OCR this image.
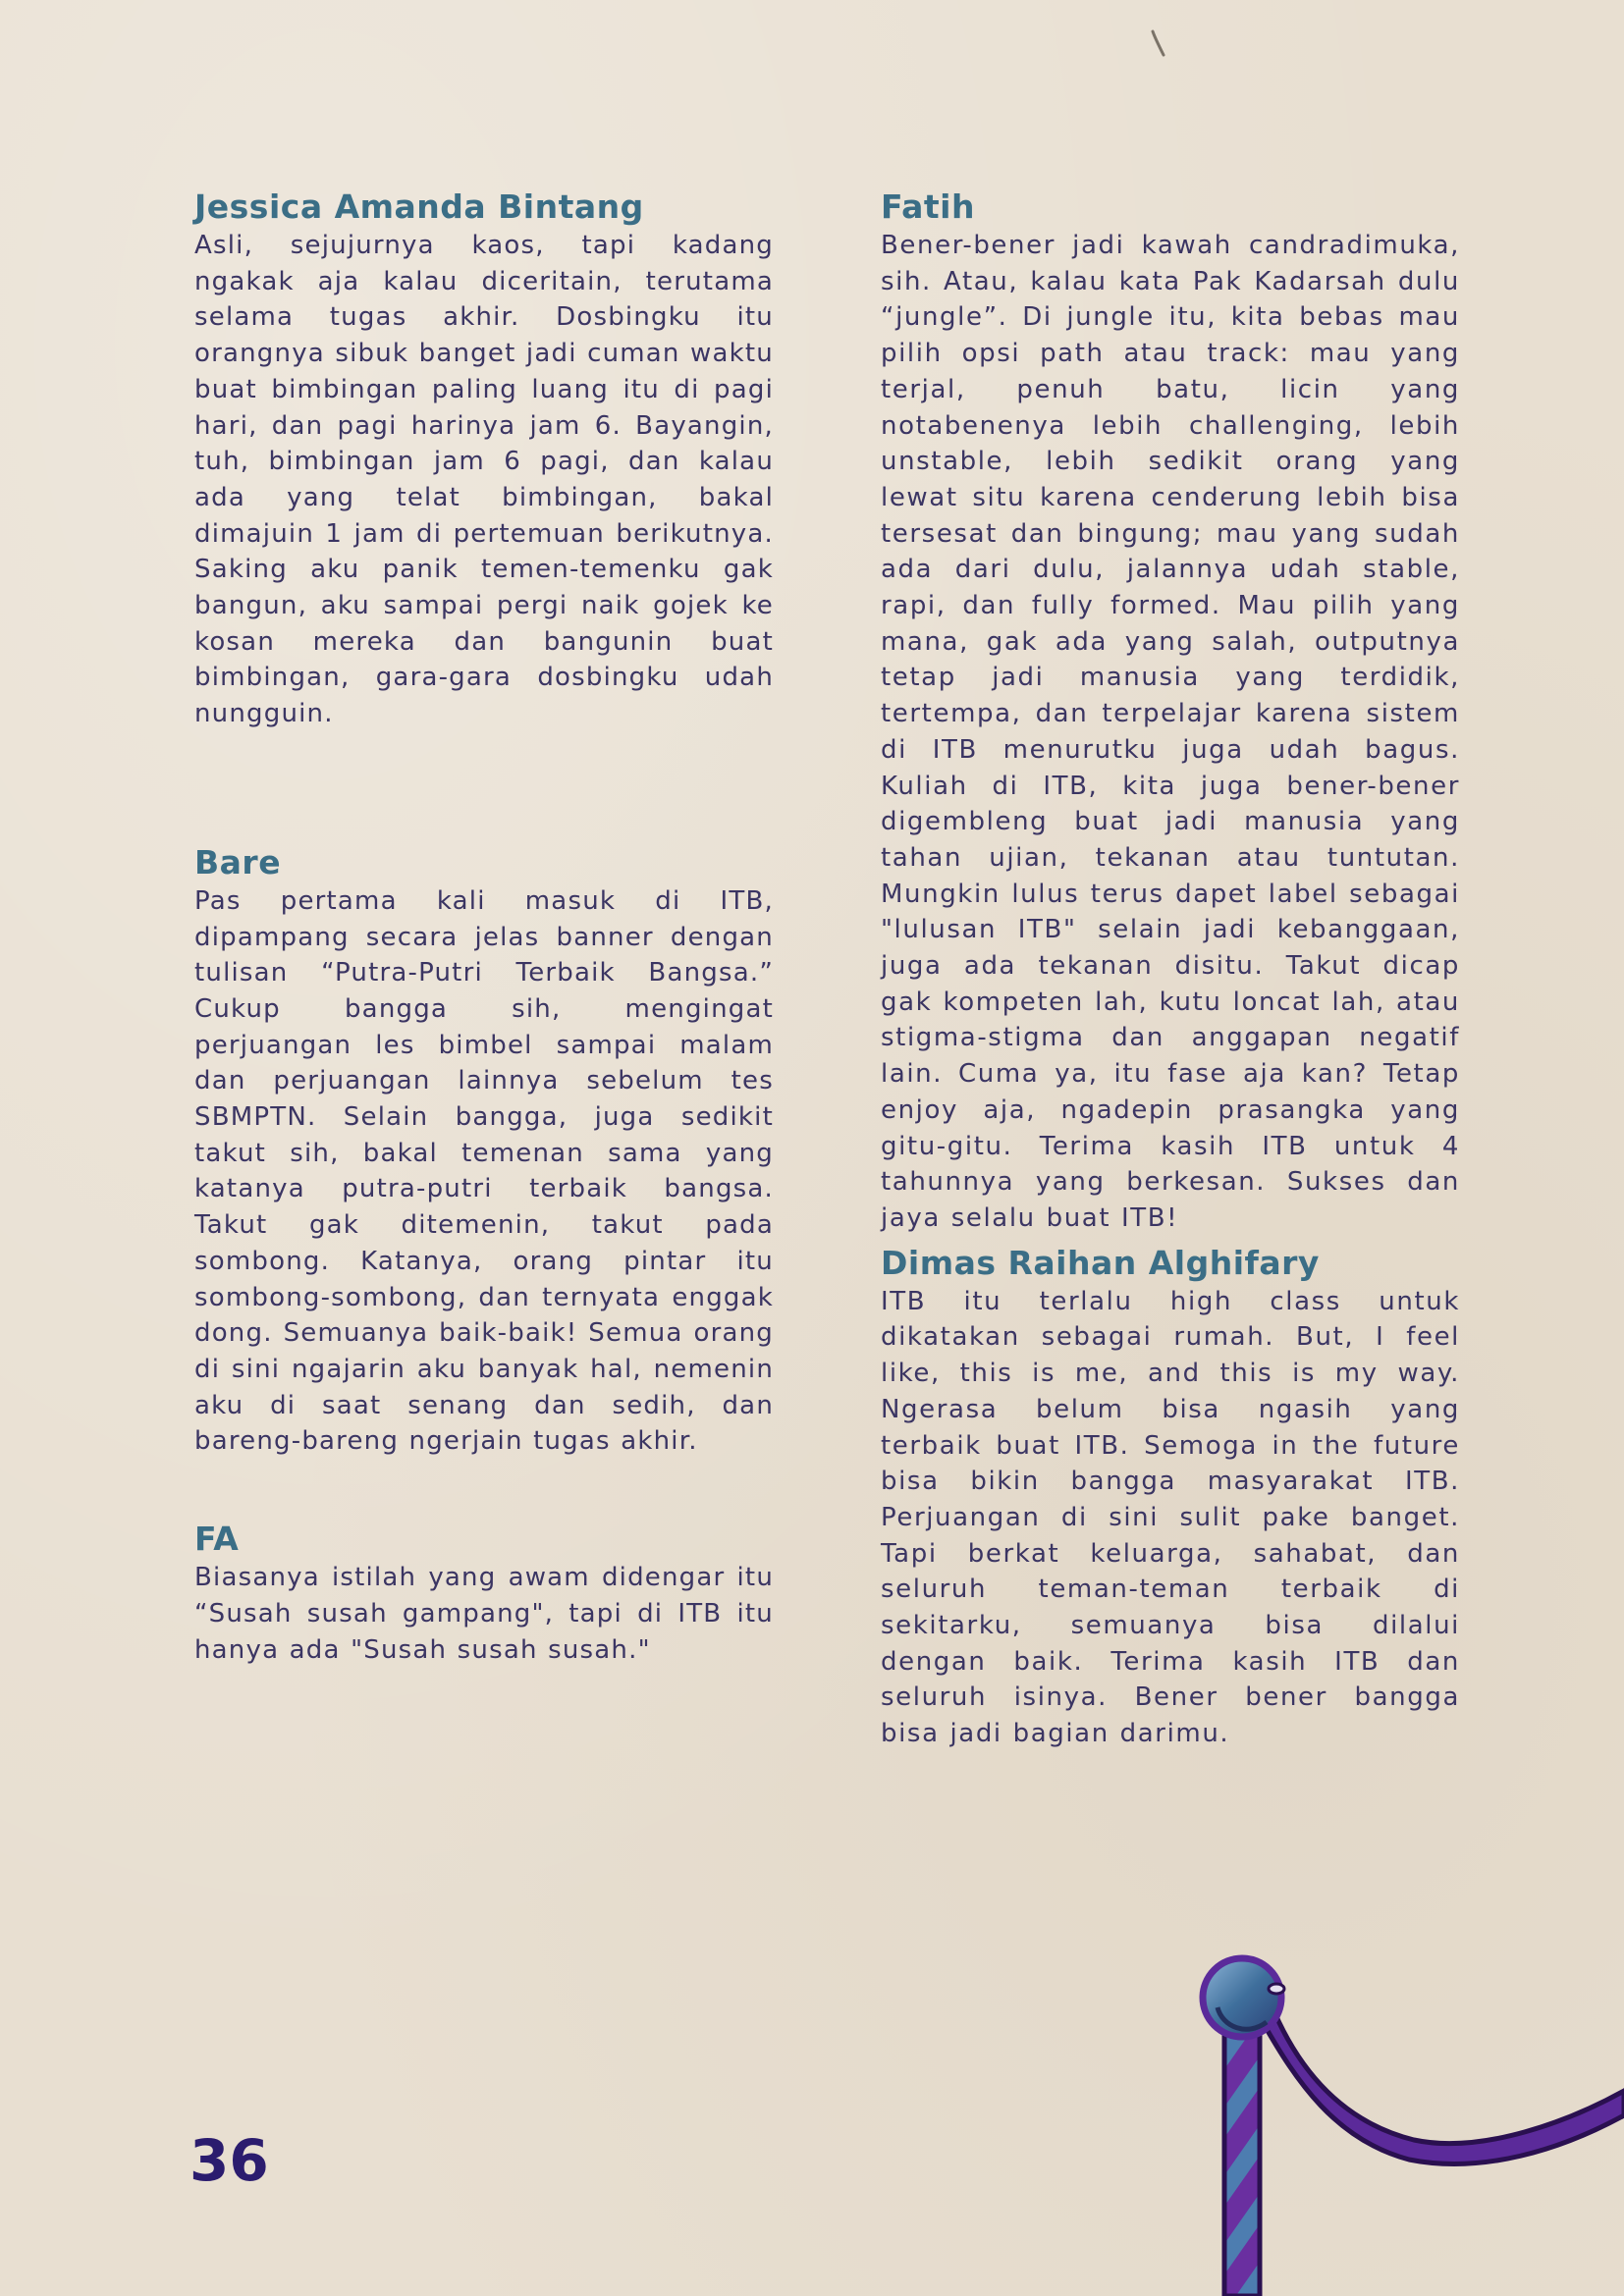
Jessica Amanda Bintang

Asli, sejujurnya kaos, tapi kadang ngakak aja kalau diceritain, terutama selama tugas akhir. Dosbingku itu orangnya sibuk banget jadi cuman waktu buat bimbingan paling luang itu di pagi hari, dan pagi harinya jam 6. Bayangin, tuh, bimbingan jam 6 pagi, dan kalau ada yang telat bimbingan, bakal dimajuin 1 jam di pertemuan berikutnya. Saking aku panik temen-temenku gak bangun, aku sampai pergi naik gojek ke kosan mereka dan bangunin buat bimbingan, gara-gara dosbingku udah nungguin.

Bare

Pas pertama kali masuk di ITB, dipampang secara jelas banner dengan tulisan “Putra-Putri Terbaik Bangsa.” Cukup bangga sih, mengingat perjuangan les bimbel sampai malam dan perjuangan lainnya sebelum tes SBMPTN. Selain bangga, juga sedikit takut sih, bakal temenan sama yang katanya putra-putri terbaik bangsa. Takut gak ditemenin, takut pada sombong. Katanya, orang pintar itu sombong-sombong, dan ternyata enggak dong. Semuanya baik-baik! Semua orang di sini ngajarin aku banyak hal, nemenin aku di saat senang dan sedih, dan bareng-bareng ngerjain tugas akhir.

FA

Biasanya istilah yang awam didengar itu “Susah susah gampang", tapi di ITB itu hanya ada "Susah susah susah."

Fatih

Bener-bener jadi kawah candradimuka, sih. Atau, kalau kata Pak Kadarsah dulu “jungle”. Di jungle itu, kita bebas mau pilih opsi path atau track: mau yang terjal, penuh batu, licin yang notabenenya lebih challenging, lebih unstable, lebih sedikit orang yang lewat situ karena cenderung lebih bisa tersesat dan bingung; mau yang sudah ada dari dulu, jalannya udah stable, rapi, dan fully formed. Mau pilih yang mana, gak ada yang salah, outputnya tetap jadi manusia yang terdidik, tertempa, dan terpelajar karena sistem di ITB menurutku juga udah bagus. Kuliah di ITB, kita juga bener-bener digembleng buat jadi manusia yang tahan ujian, tekanan atau tuntutan. Mungkin lulus terus dapet label sebagai "lulusan ITB" selain jadi kebanggaan, juga ada tekanan disitu. Takut dicap gak kompeten lah, kutu loncat lah, atau stigma-stigma dan anggapan negatif lain. Cuma ya, itu fase aja kan? Tetap enjoy aja, ngadepin prasangka yang gitu-gitu. Terima kasih ITB untuk 4 tahunnya yang berkesan. Sukses dan jaya selalu buat ITB!

Dimas Raihan Alghifary

ITB itu terlalu high class untuk dikatakan sebagai rumah. But, I feel like, this is me, and this is my way. Ngerasa belum bisa ngasih yang terbaik buat ITB. Semoga in the future bisa bikin bangga masyarakat ITB. Perjuangan di sini sulit pake banget. Tapi berkat keluarga, sahabat, dan seluruh teman-teman terbaik di sekitarku, semuanya bisa dilalui dengan baik. Terima kasih ITB dan seluruh isinya. Bener bener bangga bisa jadi bagian darimu.

36
